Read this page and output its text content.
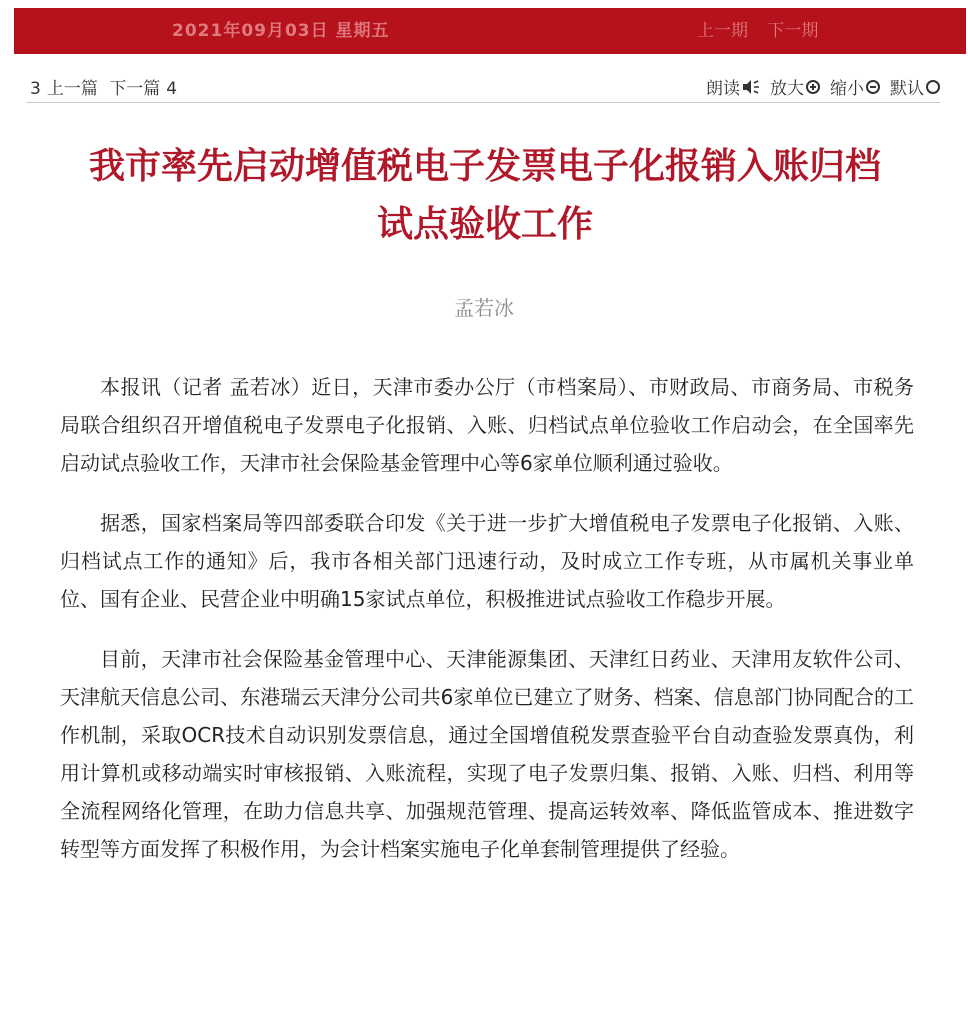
2021年09月03日 星期五	上一期 下一期
3 上一篇 下一篇 4	朗读 放大 缩小 默认
我市率先启动增值税电子发票电子化报销入账归档
试点验收工作
孟若冰

本报讯（记者 孟若冰）近日，天津市委办公厅（市档案局）、市财政局、市商务局、市税务局联合组织召开增值税电子发票电子化报销、入账、归档试点单位验收工作启动会，在全国率先启动试点验收工作，天津市社会保险基金管理中心等6家单位顺利通过验收。

据悉，国家档案局等四部委联合印发《关于进一步扩大增值税电子发票电子化报销、入账、归档试点工作的通知》后，我市各相关部门迅速行动，及时成立工作专班，从市属机关事业单位、国有企业、民营企业中明确15家试点单位，积极推进试点验收工作稳步开展。

目前，天津市社会保险基金管理中心、天津能源集团、天津红日药业、天津用友软件公司、天津航天信息公司、东港瑞云天津分公司共6家单位已建立了财务、档案、信息部门协同配合的工作机制，采取OCR技术自动识别发票信息，通过全国增值税发票查验平台自动查验发票真伪，利用计算机或移动端实时审核报销、入账流程，实现了电子发票归集、报销、入账、归档、利用等全流程网络化管理，在助力信息共享、加强规范管理、提高运转效率、降低监管成本、推进数字转型等方面发挥了积极作用，为会计档案实施电子化单套制管理提供了经验。
